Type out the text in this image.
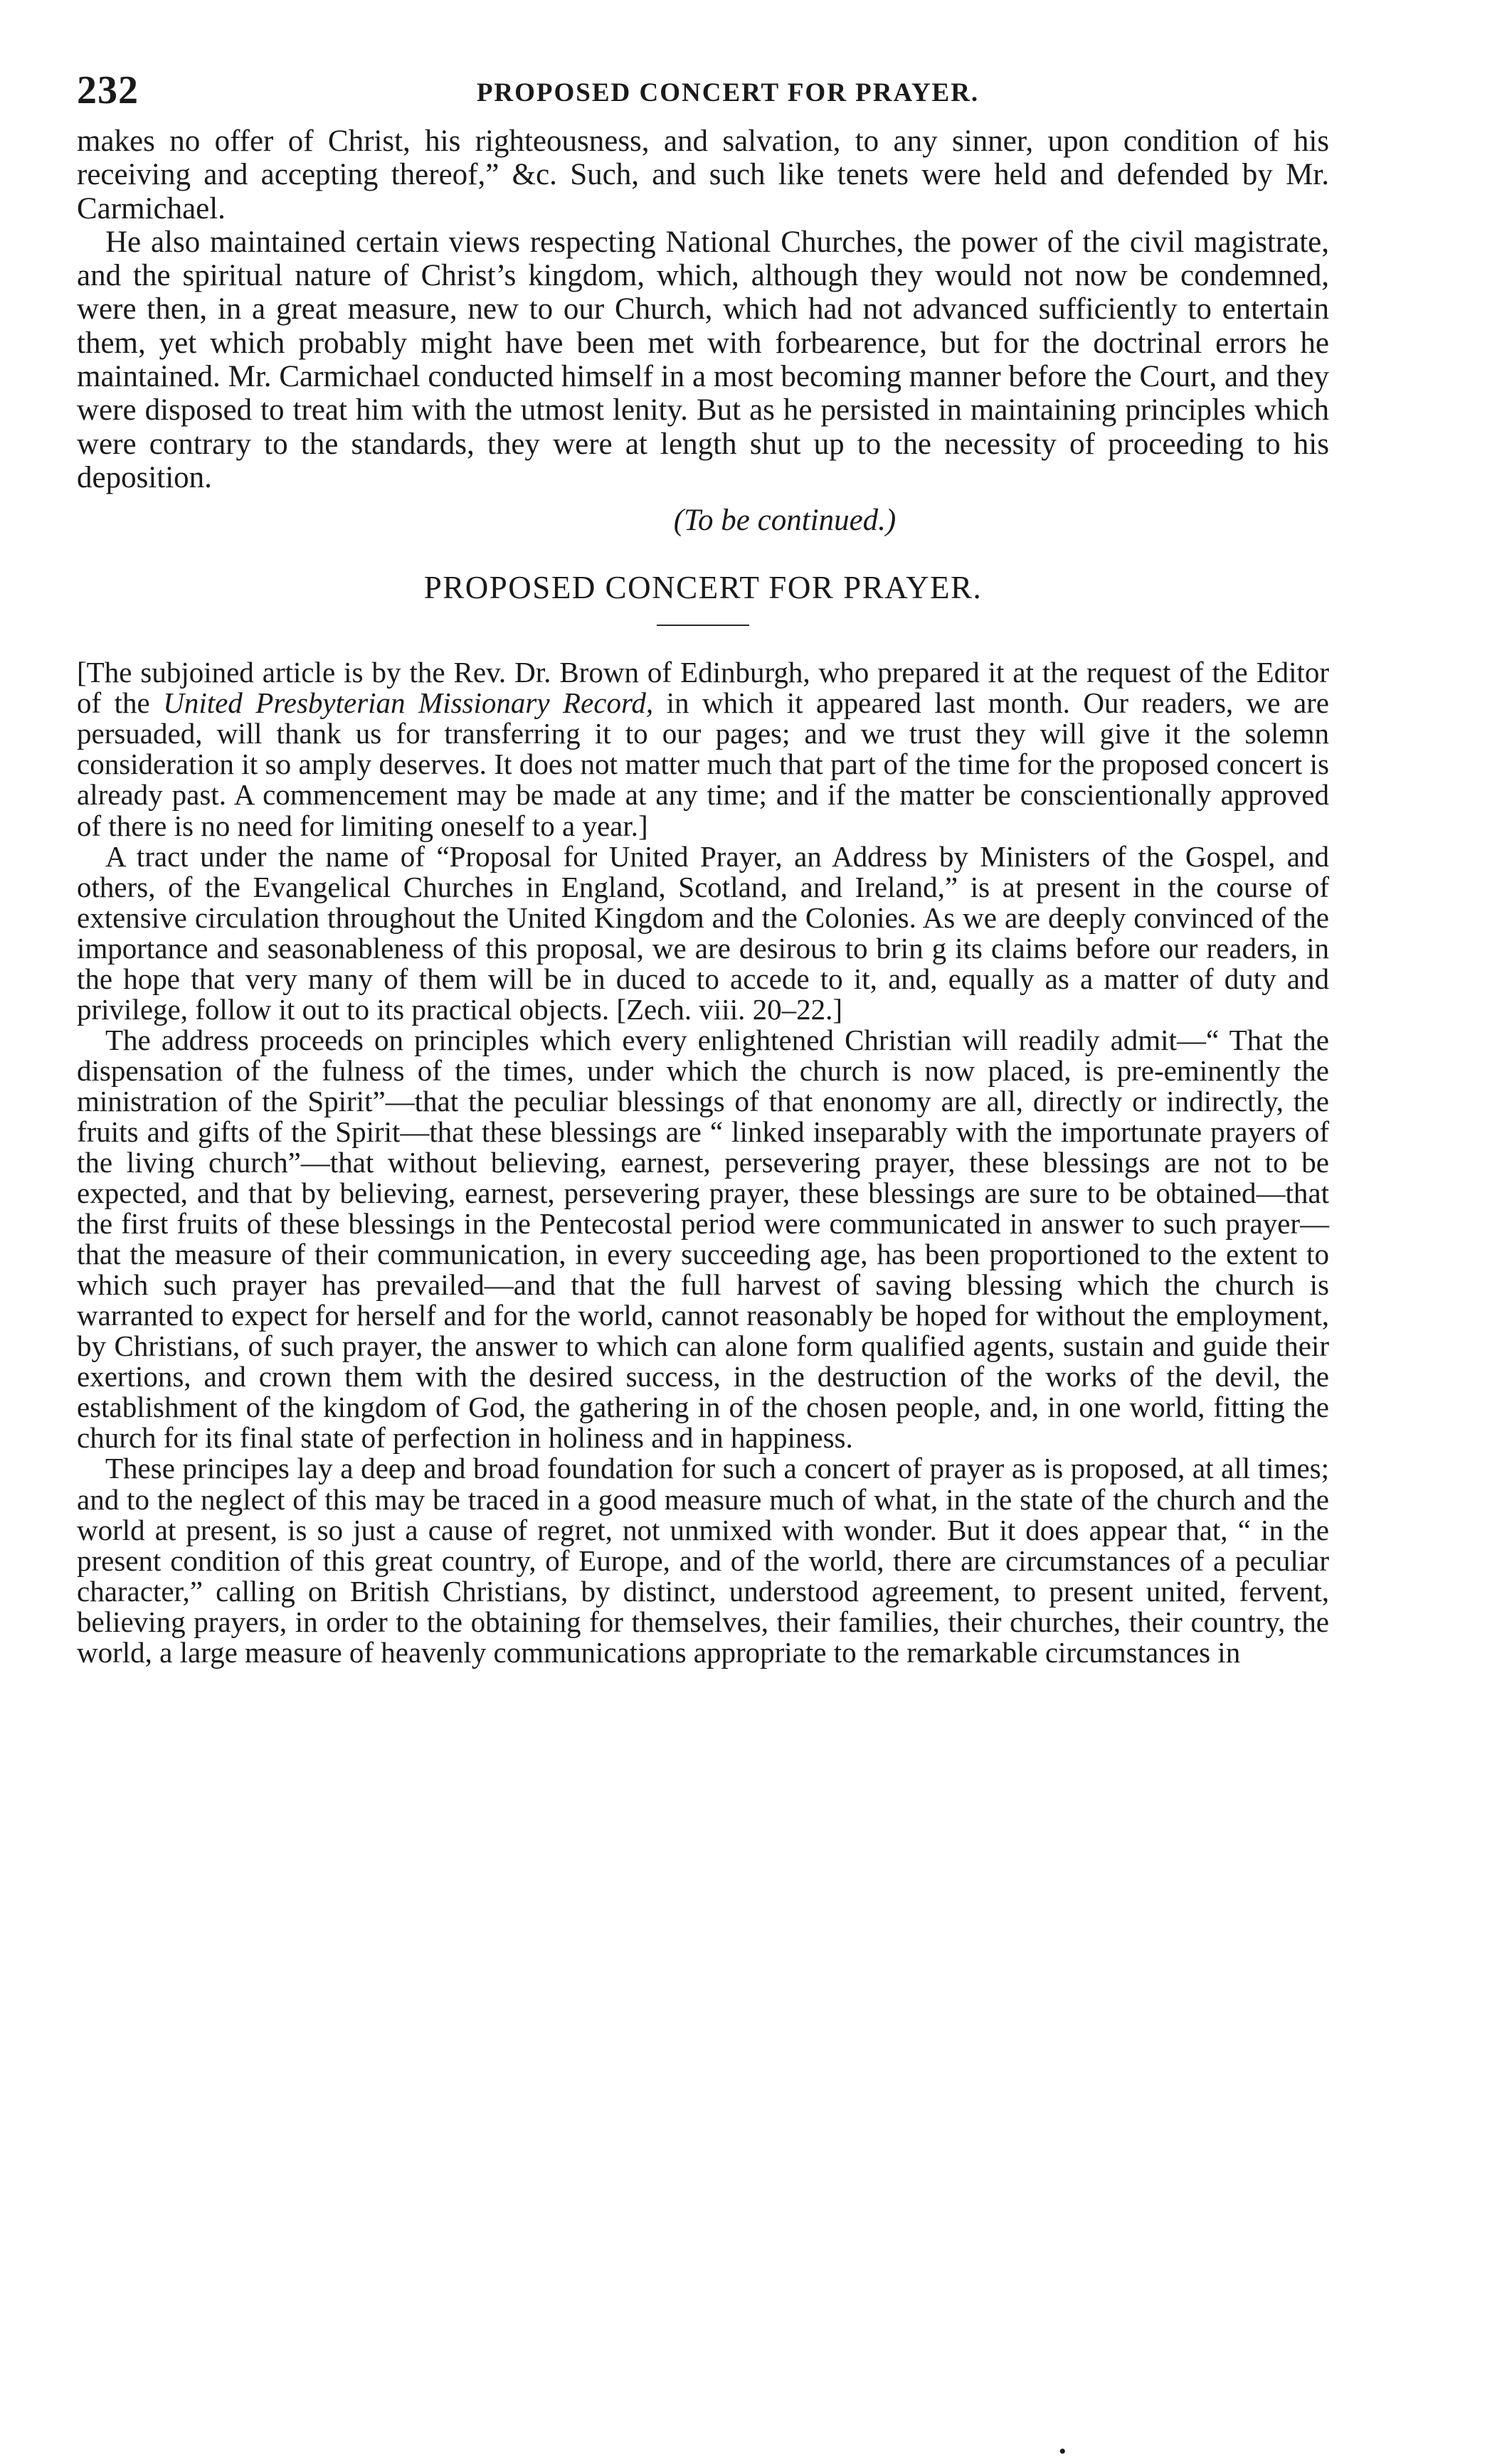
232	PROPOSED CONCERT FOR PRAYER.

makes no offer of Christ, his righteousness, and salvation, to any sinner, upon condition of his receiving and accepting thereof,” &c. Such, and such like tenets were held and defended by Mr. Carmichael.

He also maintained certain views respecting National Churches, the power of the civil magistrate, and the spiritual nature of Christ’s kingdom, which, although they would not now be condemned, were then, in a great measure, new to our Church, which had not advanced sufficiently to entertain them, yet which probably might have been met with forbearence, but for the doctrinal errors he maintained. Mr. Carmichael conducted himself in a most becoming manner before the Court, and they were disposed to treat him with the utmost lenity. But as he persisted in maintaining principles which were contrary to the standards, they were at length shut up to the necessity of proceeding to his deposition.

(To be continued.)
PROPOSED CONCERT FOR PRAYER.

[The subjoined article is by the Rev. Dr. Brown of Edinburgh, who prepared it at the request of the Editor of the United Presbyterian Missionary Record, in which it appeared last month. Our readers, we are persuaded, will thank us for transferring it to our pages; and we trust they will give it the solemn consideration it so amply deserves. It does not matter much that part of the time for the proposed concert is already past. A commencement may be made at any time; and if the matter be conscientionally approved of there is no need for limiting oneself to a year.]

A tract under the name of “Proposal for United Prayer, an Address by Ministers of the Gospel, and others, of the Evangelical Churches in England, Scotland, and Ireland,” is at present in the course of extensive circulation throughout the United Kingdom and the Colonies. As we are deeply convinced of the importance and seasonableness of this proposal, we are desirous to brin g its claims before our readers, in the hope that very many of them will be in duced to accede to it, and, equally as a matter of duty and privilege, follow it out to its practical objects. [Zech. viii. 20–22.]

The address proceeds on principles which every enlightened Christian will readily admit—“ That the dispensation of the fulness of the times, under which the church is now placed, is pre-eminently the ministration of the Spirit”—that the peculiar blessings of that enonomy are all, directly or indirectly, the fruits and gifts of the Spirit—that these blessings are “ linked inseparably with the importunate prayers of the living church”—that without believing, earnest, persevering prayer, these blessings are not to be expected, and that by believing, earnest, persevering prayer, these blessings are sure to be obtained—that the first fruits of these blessings in the Pentecostal period were communicated in answer to such prayer—that the measure of their communication, in every succeeding age, has been proportioned to the extent to which such prayer has prevailed—and that the full harvest of saving blessing which the church is warranted to expect for herself and for the world, cannot reasonably be hoped for without the employment, by Christians, of such prayer, the answer to which can alone form qualified agents, sustain and guide their exertions, and crown them with the desired success, in the destruction of the works of the devil, the establishment of the kingdom of God, the gathering in of the chosen people, and, in one world, fitting the church for its final state of perfection in holiness and in happiness.

These principes lay a deep and broad foundation for such a concert of prayer as is proposed, at all times; and to the neglect of this may be traced in a good measure much of what, in the state of the church and the world at present, is so just a cause of regret, not unmixed with wonder. But it does appear that, “ in the present condition of this great country, of Europe, and of the world, there are circumstances of a peculiar character,” calling on British Christians, by distinct, understood agreement, to present united, fervent, believing prayers, in order to the obtaining for themselves, their families, their churches, their country, the world, a large measure of heavenly communications appropriate to the remarkable circumstances in

•
